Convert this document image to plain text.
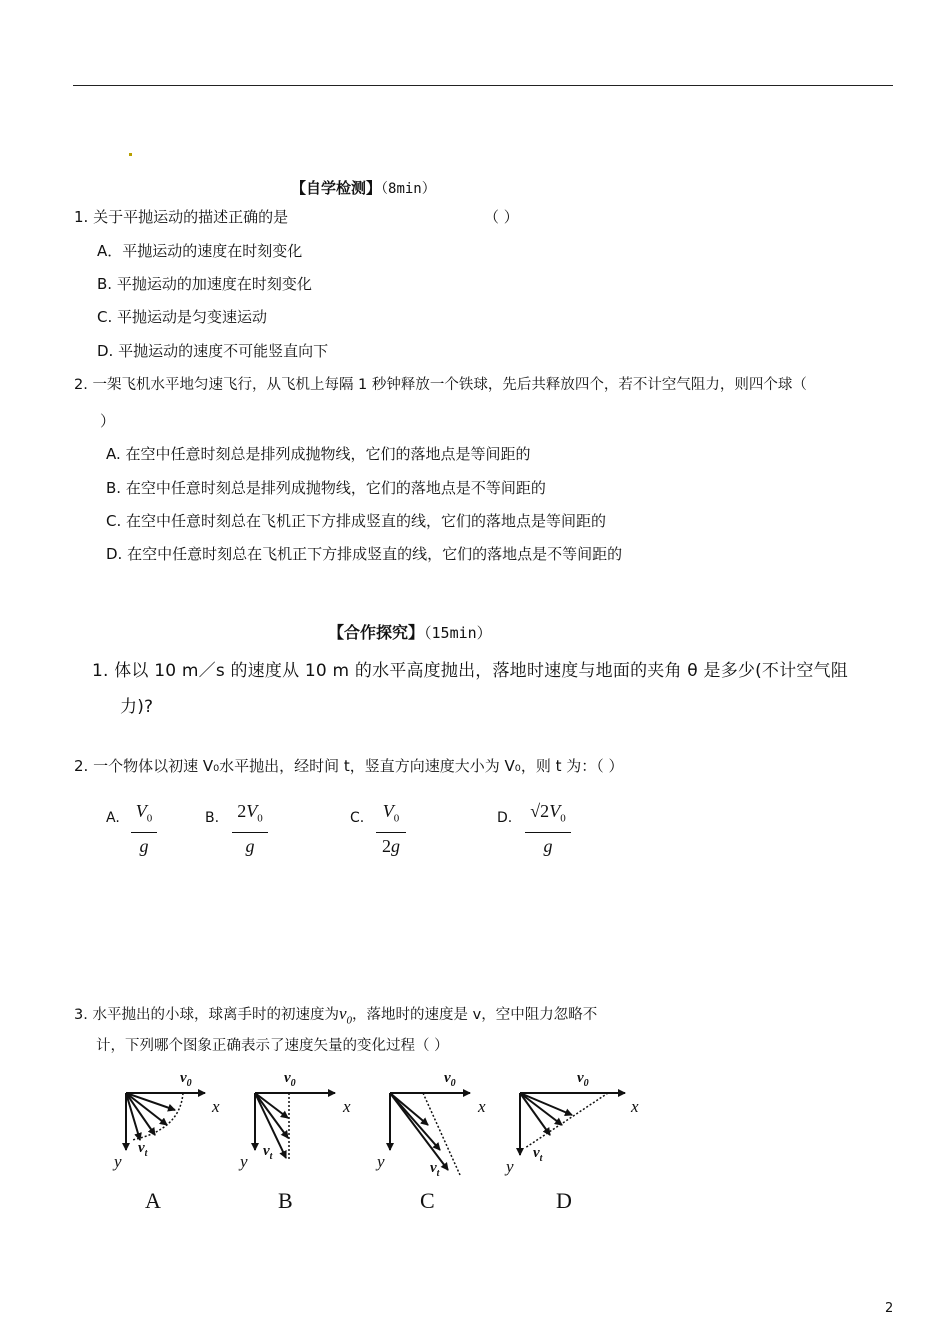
【自学检测】（8min）
1. 关于平抛运动的描述正确的是	（ ）
A．平抛运动的速度在时刻变化
B. 平抛运动的加速度在时刻变化
C. 平抛运动是匀变速运动
D. 平抛运动的速度不可能竖直向下
2. 一架飞机水平地匀速飞行，从飞机上每隔 1 秒钟释放一个铁球，先后共释放四个，若不计空气阻力，则四个球（
）
A. 在空中任意时刻总是排列成抛物线，它们的落地点是等间距的
B. 在空中任意时刻总是排列成抛物线，它们的落地点是不等间距的
C. 在空中任意时刻总在飞机正下方排成竖直的线，它们的落地点是等间距的
D. 在空中任意时刻总在飞机正下方排成竖直的线，它们的落地点是不等间距的
【合作探究】（15min）
1. 体以 10 m／s 的速度从 10 m 的水平高度抛出，落地时速度与地面的夹角 θ 是多少(不计空气阻
力)?
2. 一个物体以初速 V₀水平抛出，经时间 t，竖直方向速度大小为 V₀，则 t 为：（ ）
A. $V_0$
g
B. $2V_0$
g
C.	$V_0$
2g
D. $√2V_0$
g
3. 水平抛出的小球，球离手时的初速度为$v_0$，落地时的速度是 v，空中阻力忽略不
计，下列哪个图象正确表示了速度矢量的变化过程（ ）
$v_0$
x
y
$v_t$
A
$v_0$
x
y
$v_t$
B
$v_0$
x
y	$v_t$
C
$v_0$
x
y
$v_t$
D
2
